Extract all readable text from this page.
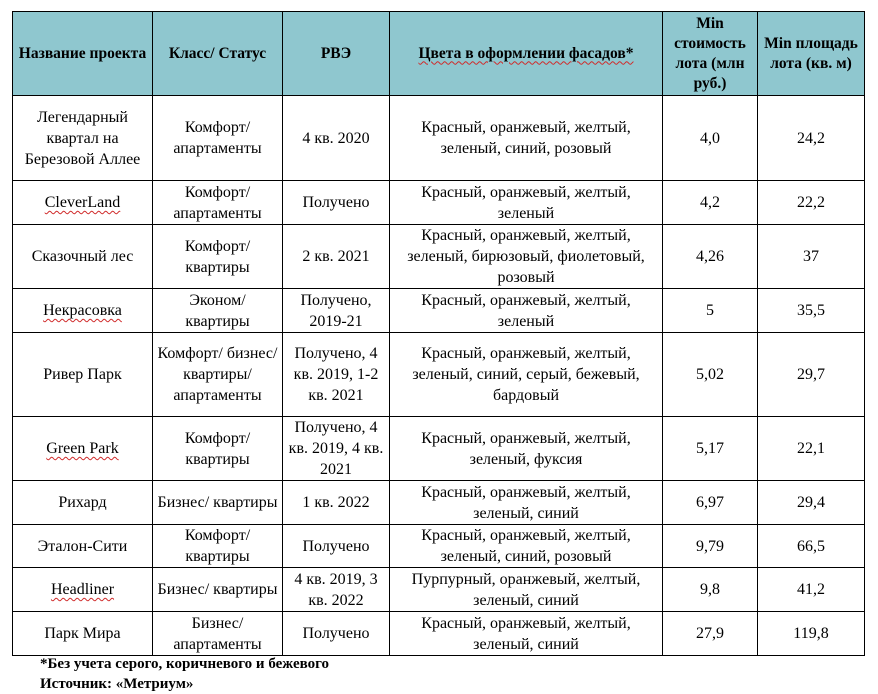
Название проекта	Класс/ Статус	РВЭ	Цвета в оформлении фасадов*	Min стоимость лота (млн руб.)	Min площадь лота (кв. м)
Легендарный квартал на Березовой Аллее	Комфорт/ апартаменты	4 кв. 2020	Красный, оранжевый, желтый, зеленый, синий, розовый	4,0	24,2
CleverLand	Комфорт/ апартаменты	Получено	Красный, оранжевый, желтый, зеленый	4,2	22,2
Сказочный лес	Комфорт/ квартиры	2 кв. 2021	Красный, оранжевый, желтый, зеленый, бирюзовый, фиолетовый, розовый	4,26	37
Некрасовка	Эконом/ квартиры	Получено, 2019-21	Красный, оранжевый, желтый, зеленый	5	35,5
Ривер Парк	Комфорт/ бизнес/ квартиры/ апартаменты	Получено, 4 кв. 2019, 1-2 кв. 2021	Красный, оранжевый, желтый, зеленый, синий, серый, бежевый, бардовый	5,02	29,7
Green Park	Комфорт/ квартиры	Получено, 4 кв. 2019, 4 кв. 2021	Красный, оранжевый, желтый, зеленый, фуксия	5,17	22,1
Рихард	Бизнес/ квартиры	1 кв. 2022	Красный, оранжевый, желтый, зеленый, синий	6,97	29,4
Эталон-Сити	Комфорт/ квартиры	Получено	Красный, оранжевый, желтый, зеленый, синий, розовый	9,79	66,5
Headliner	Бизнес/ квартиры	4 кв. 2019, 3 кв. 2022	Пурпурный, оранжевый, желтый, зеленый, синий	9,8	41,2
Парк Мира	Бизнес/ апартаменты	Получено	Красный, оранжевый, желтый, зеленый, синий	27,9	119,8
*Без учета серого, коричневого и бежевого
Источник: «Метриум»
